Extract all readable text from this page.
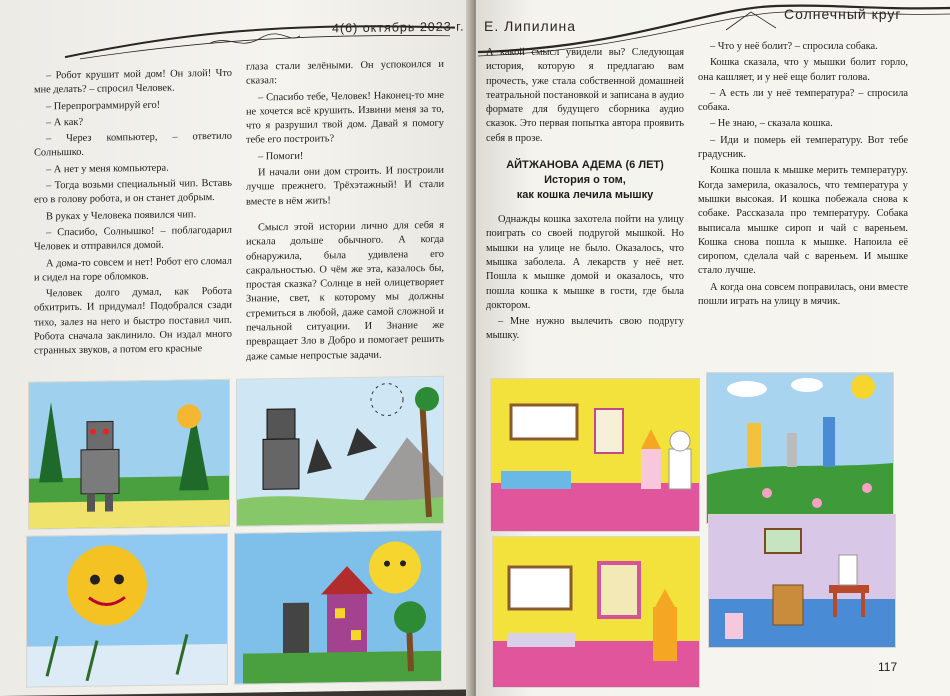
4(6) октябрь 2023 г.

– Робот крушит мой дом! Он злой! Что мне делать? – спросил Человек.

– Перепрограммируй его!

– А как?

– Через компьютер, – ответило Солнышко.

– А нет у меня компьютера.

– Тогда возьми специальный чип. Вставь его в голову робота, и он станет добрым.

В руках у Человека появился чип.

– Спасибо, Солнышко! – поблагодарил Человек и отправился домой.

А дома-то совсем и нет! Робот его сломал и сидел на горе обломков.

Человек долго думал, как Робота обхитрить. И придумал! Подобрался сзади тихо, залез на него и быстро поставил чип. Робота сначала заклинило. Он издал много странных звуков, а потом его красные

глаза стали зелёными. Он успокоился и сказал:

– Спасибо тебе, Человек! Наконец-то мне не хочется всё крушить. Извини меня за то, что я разрушил твой дом. Давай я помогу тебе его построить?

– Помоги!

И начали они дом строить. И построили лучше прежнего. Трёхэтажный! И стали вместе в нём жить!

Смысл этой истории лично для себя я искала дольше обычного. А когда обнаружила, была удивлена его сакральностью. О чём же эта, казалось бы, простая сказка? Солнце в ней олицетворяет Знание, свет, к которому мы должны стремиться в любой, даже самой сложной и печальной ситуации. И Знание же превращает Зло в Добро и помогает решить даже самые непростые задачи.

Е. Липилина
Солнечный круг

А какой смысл увидели вы? Следующая история, которую я предлагаю вам прочесть, уже стала собственной домашней театральной постановкой и записана в аудио формате для будущего сборника аудио сказок. Это первая попытка автора проявить себя в прозе.

АЙТЖАНОВА АДЕМА (6 ЛЕТ)
История о том,
как кошка лечила мышку

Однажды кошка захотела пойти на улицу поиграть со своей подругой мышкой. Но мышки на улице не было. Оказалось, что мышка заболела. А лекарств у неё нет. Пошла к мышке домой и оказалось, что пошла кошка к мышке в гости, где была доктором.

– Мне нужно вылечить свою подругу мышку.

– Что у неё болит? – спросила собака.

Кошка сказала, что у мышки болит горло, она кашляет, и у неё еще болит голова.

– А есть ли у неё температура? – спросила собака.

– Не знаю, – сказала кошка.

– Иди и померь ей температуру. Вот тебе градусник.

Кошка пошла к мышке мерить температуру. Когда замерила, оказалось, что температура у мышки высокая. И кошка побежала снова к собаке. Рассказала про температуру. Собака выписала мышке сироп и чай с вареньем. Кошка снова пошла к мышке. Напоила её сиропом, сделала чай с вареньем. И мышке стало лучше.

А когда она совсем поправилась, они вместе пошли играть на улицу в мячик.

117
